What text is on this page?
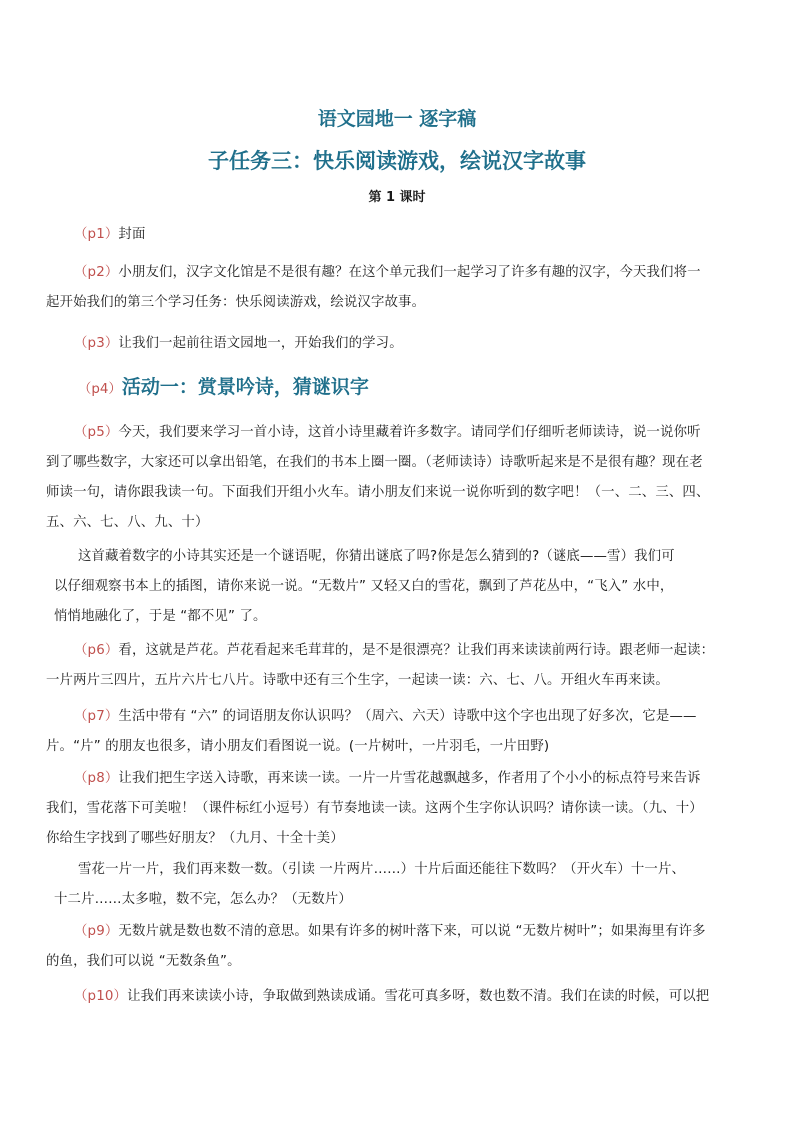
语文园地一 逐字稿
子任务三：快乐阅读游戏，绘说汉字故事
第 1 课时
（p1）封面
（p2）小朋友们，汉字文化馆是不是很有趣？在这个单元我们一起学习了许多有趣的汉字，今天我们将一
起开始我们的第三个学习任务：快乐阅读游戏，绘说汉字故事。
（p3）让我们一起前往语文园地一，开始我们的学习。
（p4）活动一：赏景吟诗，猜谜识字
（p5）今天，我们要来学习一首小诗，这首小诗里藏着许多数字。请同学们仔细听老师读诗，说一说你听
到了哪些数字，大家还可以拿出铅笔，在我们的书本上圈一圈。（老师读诗）诗歌听起来是不是很有趣？现在老
师读一句，请你跟我读一句。下面我们开组小火车。请小朋友们来说一说你听到的数字吧！（一、二、三、四、
五、六、七、八、九、十）
这首藏着数字的小诗其实还是一个谜语呢，你猜出谜底了吗?你是怎么猜到的?（谜底——雪）我们可
以仔细观察书本上的插图，请你来说一说。“无数片” 又轻又白的雪花，飘到了芦花丛中，“飞入” 水中，
悄悄地融化了，于是 “都不见” 了。
（p6）看，这就是芦花。芦花看起来毛茸茸的，是不是很漂亮？让我们再来读读前两行诗。跟老师一起读：
一片两片三四片，五片六片七八片。诗歌中还有三个生字，一起读一读：六、七、八。开组火车再来读。
（p7）生活中带有 “六” 的词语朋友你认识吗？（周六、六天）诗歌中这个字也出现了好多次，它是——
片。“片” 的朋友也很多，请小朋友们看图说一说。(一片树叶，一片羽毛，一片田野)
（p8）让我们把生字送入诗歌，再来读一读。一片一片雪花越飘越多，作者用了个小小的标点符号来告诉
我们，雪花落下可美啦！（课件标红小逗号）有节奏地读一读。这两个生字你认识吗？请你读一读。（九、十）
你给生字找到了哪些好朋友？（九月、十全十美）
雪花一片一片，我们再来数一数。（引读 一片两片……）十片后面还能往下数吗？（开火车）十一片、
十二片……太多啦，数不完，怎么办？（无数片）
（p9）无数片就是数也数不清的意思。如果有许多的树叶落下来，可以说 “无数片树叶”；如果海里有许多
的鱼，我们可以说 “无数条鱼”。
（p10）让我们再来读读小诗，争取做到熟读成诵。雪花可真多呀，数也数不清。我们在读的时候，可以把
